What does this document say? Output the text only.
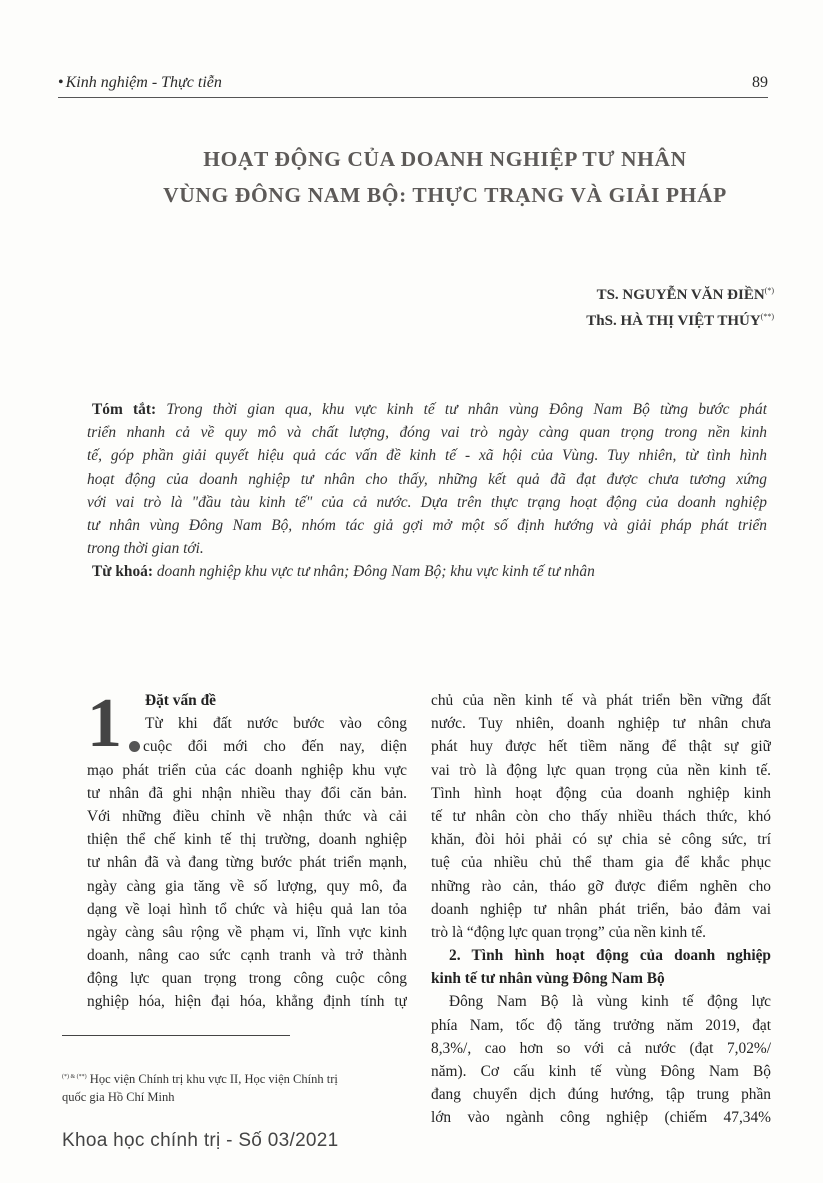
• Kinh nghiệm - Thực tiễn	89
HOẠT ĐỘNG CỦA DOANH NGHIỆP TƯ NHÂN
VÙNG ĐÔNG NAM BỘ: THỰC TRẠNG VÀ GIẢI PHÁP
TS. NGUYỄN VĂN ĐIỀN(*)
ThS. HÀ THỊ VIỆT THÚY(**)
Tóm tắt: Trong thời gian qua, khu vực kinh tế tư nhân vùng Đông Nam Bộ từng bước phát
triển nhanh cả về quy mô và chất lượng, đóng vai trò ngày càng quan trọng trong nền kinh
tế, góp phần giải quyết hiệu quả các vấn đề kinh tế - xã hội của Vùng. Tuy nhiên, từ tình hình
hoạt động của doanh nghiệp tư nhân cho thấy, những kết quả đã đạt được chưa tương xứng
với vai trò là "đầu tàu kinh tế" của cả nước. Dựa trên thực trạng hoạt động của doanh nghiệp
tư nhân vùng Đông Nam Bộ, nhóm tác giả gợi mở một số định hướng và giải pháp phát triển
trong thời gian tới.
Từ khoá: doanh nghiệp khu vực tư nhân; Đông Nam Bộ; khu vực kinh tế tư nhân
1	Đặt vấn đề
Từ khi đất nước bước vào công
cuộc đổi mới cho đến nay, diện
mạo phát triển của các doanh nghiệp khu vực
tư nhân đã ghi nhận nhiều thay đổi căn bản.
Với những điều chỉnh về nhận thức và cải
thiện thể chế kinh tế thị trường, doanh nghiệp
tư nhân đã và đang từng bước phát triển mạnh,
ngày càng gia tăng về số lượng, quy mô, đa
dạng về loại hình tổ chức và hiệu quả lan tỏa
ngày càng sâu rộng về phạm vi, lĩnh vực kinh
doanh, nâng cao sức cạnh tranh và trở thành
động lực quan trọng trong công cuộc công
nghiệp hóa, hiện đại hóa, khẳng định tính tự
chủ của nền kinh tế và phát triển bền vững đất
nước. Tuy nhiên, doanh nghiệp tư nhân chưa
phát huy được hết tiềm năng để thật sự giữ
vai trò là động lực quan trọng của nền kinh tế.
Tình hình hoạt động của doanh nghiệp kinh
tế tư nhân còn cho thấy nhiều thách thức, khó
khăn, đòi hỏi phải có sự chia sẻ công sức, trí
tuệ của nhiều chủ thể tham gia để khắc phục
những rào cản, tháo gỡ được điểm nghẽn cho
doanh nghiệp tư nhân phát triển, bảo đảm vai
trò là “động lực quan trọng” của nền kinh tế.
2. Tình hình hoạt động của doanh nghiệp
kinh tế tư nhân vùng Đông Nam Bộ
Đông Nam Bộ là vùng kinh tế động lực
phía Nam, tốc độ tăng trưởng năm 2019, đạt
8,3%/, cao hơn so với cả nước (đạt 7,02%/
năm). Cơ cấu kinh tế vùng Đông Nam Bộ
đang chuyển dịch đúng hướng, tập trung phần
lớn vào ngành công nghiệp (chiếm 47,34%
(*) & (**) Học viện Chính trị khu vực II, Học viện Chính trị
quốc gia Hồ Chí Minh
Khoa học chính trị - Số 03/2021
